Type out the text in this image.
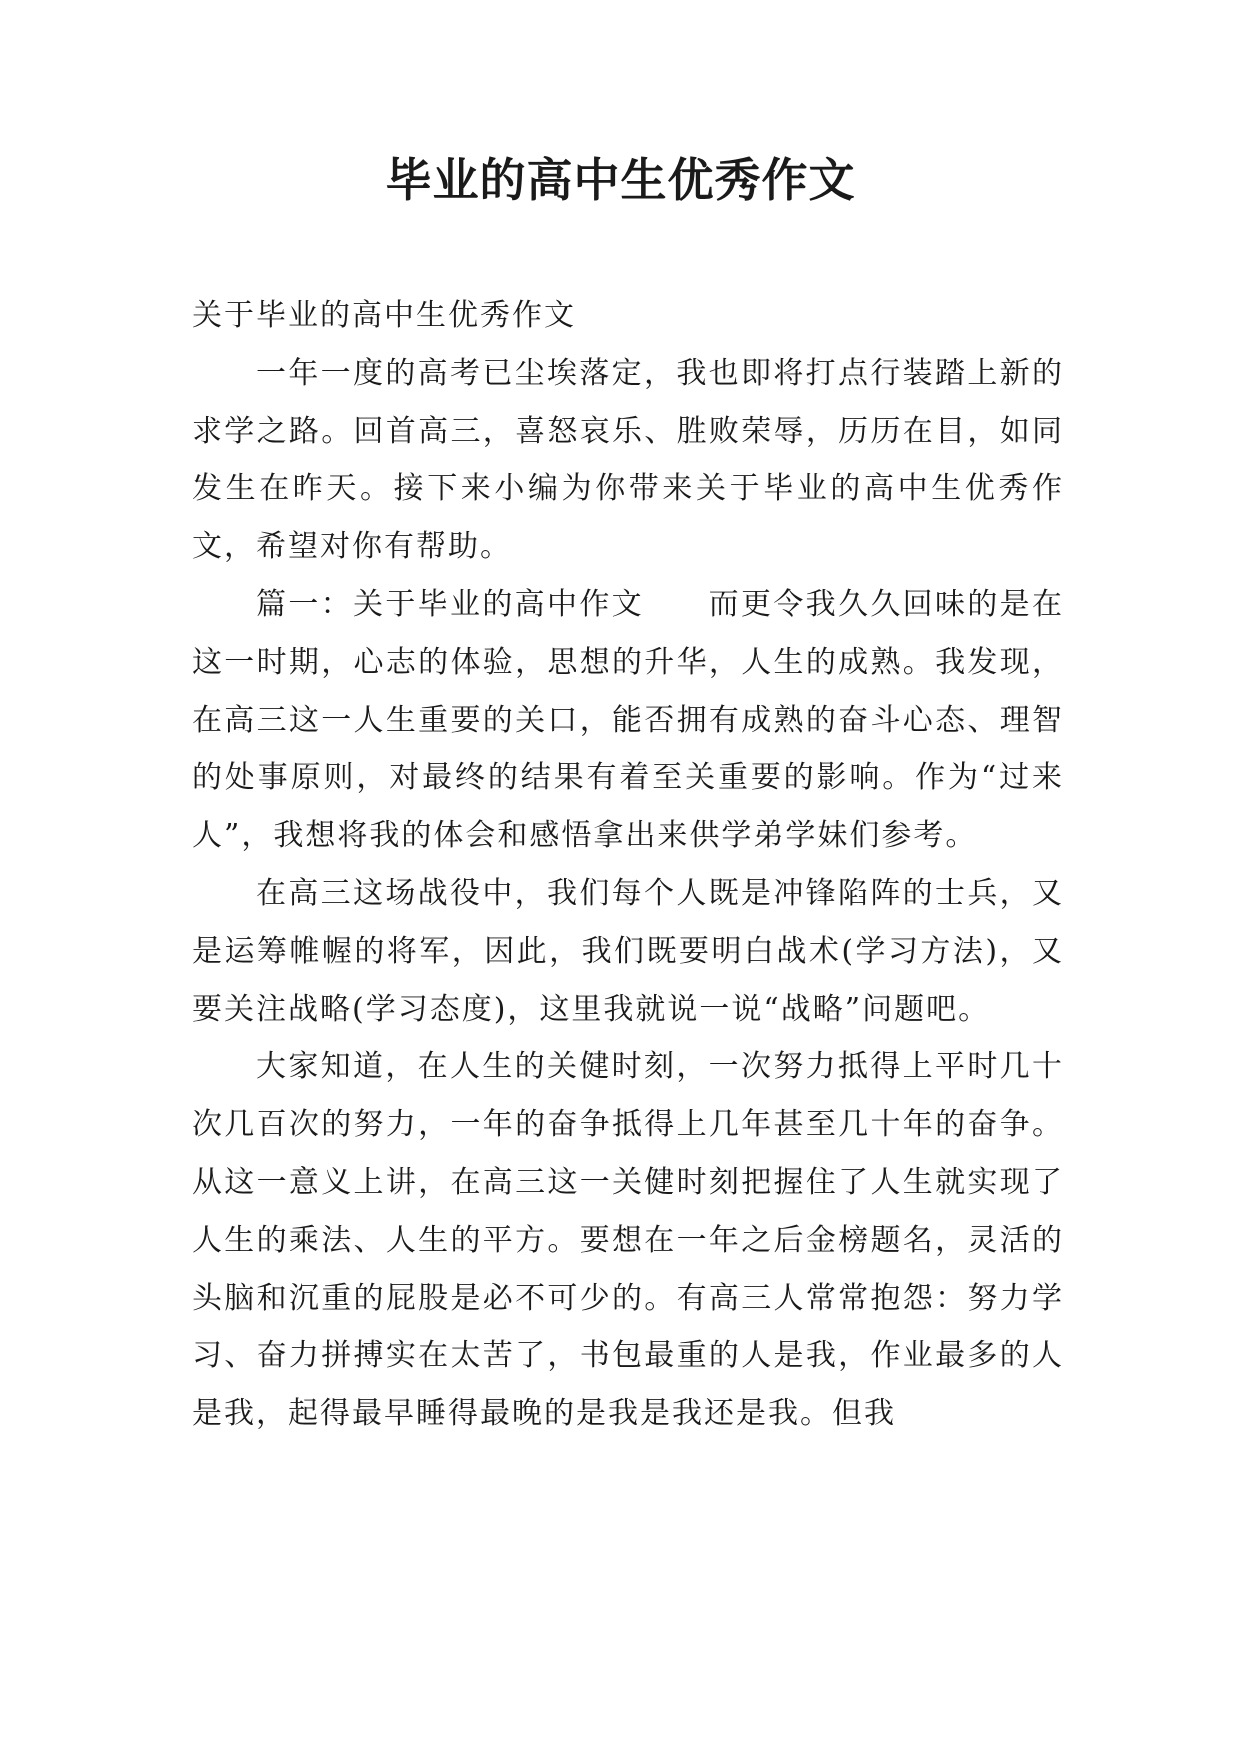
毕业的高中生优秀作文

关于毕业的高中生优秀作文

一年一度的高考已尘埃落定，我也即将打点行装踏上新的求学之路。回首高三，喜怒哀乐、胜败荣辱，历历在目，如同发生在昨天。接下来小编为你带来关于毕业的高中生优秀作文，希望对你有帮助。

篇一：关于毕业的高中作文　　而更令我久久回味的是在这一时期，心志的体验，思想的升华，人生的成熟。我发现，在高三这一人生重要的关口，能否拥有成熟的奋斗心态、理智的处事原则，对最终的结果有着至关重要的影响。作为“过来人”，我想将我的体会和感悟拿出来供学弟学妹们参考。

在高三这场战役中，我们每个人既是冲锋陷阵的士兵，又是运筹帷幄的将军，因此，我们既要明白战术(学习方法)，又要关注战略(学习态度)，这里我就说一说“战略”问题吧。

大家知道，在人生的关健时刻，一次努力抵得上平时几十次几百次的努力，一年的奋争抵得上几年甚至几十年的奋争。从这一意义上讲，在高三这一关健时刻把握住了人生就实现了人生的乘法、人生的平方。要想在一年之后金榜题名，灵活的头脑和沉重的屁股是必不可少的。有高三人常常抱怨：努力学习、奋力拼搏实在太苦了，书包最重的人是我，作业最多的人是我，起得最早睡得最晚的是我是我还是我。但我
